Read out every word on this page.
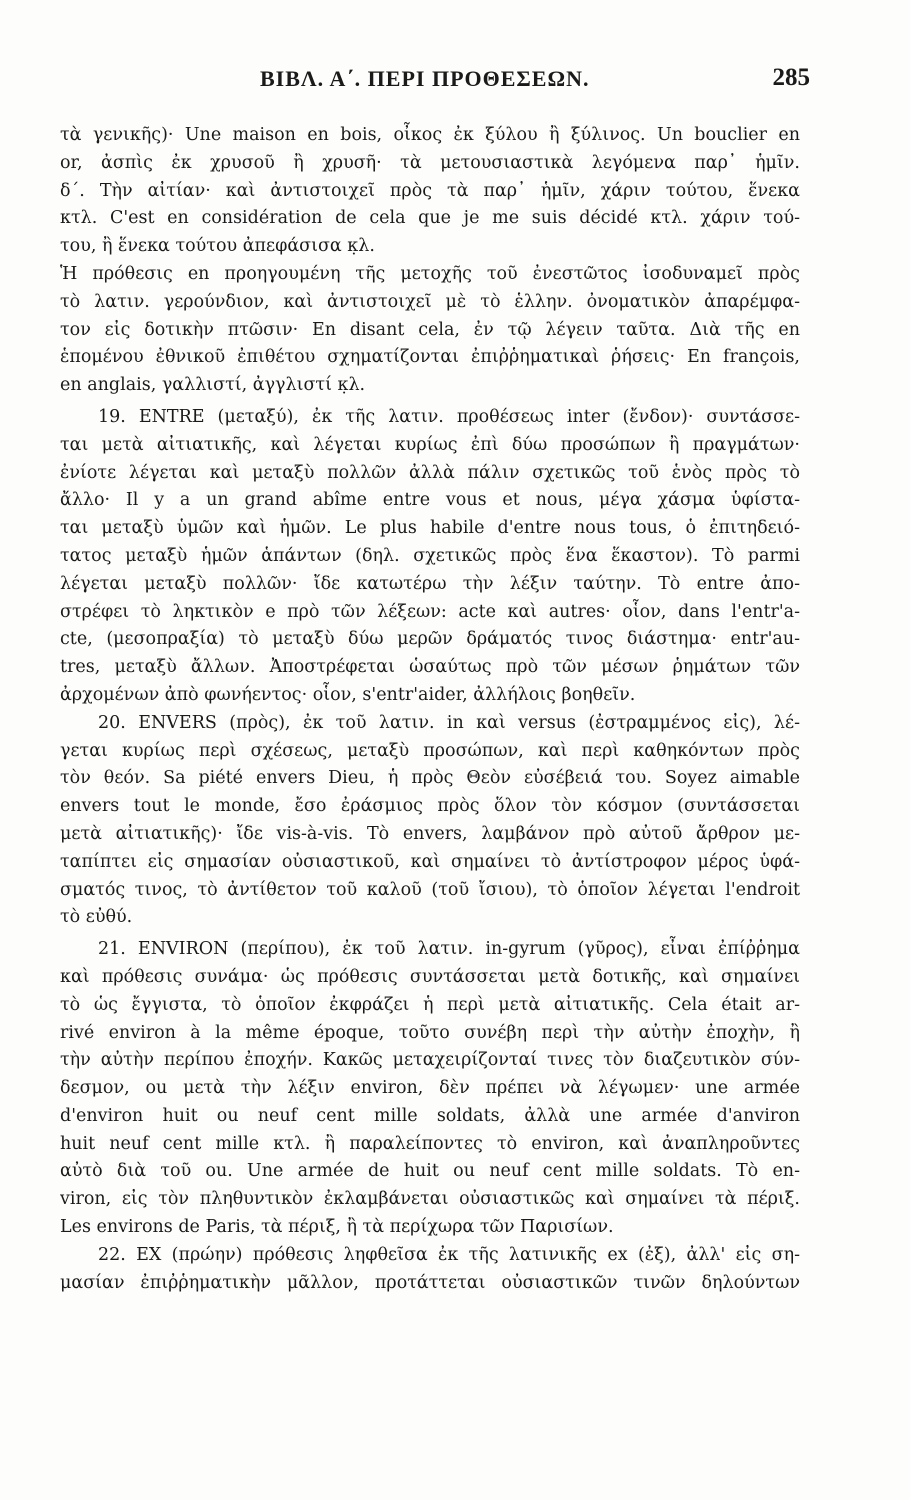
ΒΙΒΛ. Α΄. ΠΕΡΙ ΠΡΟΘΕΣΕΩΝ.	285
τὰ γενικῆς)· Une maison en bois, οἶκος ἐκ ξύλου ἢ ξύλινος. Un bouclier en
or, ἀσπὶς ἐκ χρυσοῦ ἢ χρυσῆ· τὰ μετουσιαστικὰ λεγόμενα παρ᾿ ἡμῖν.
δ΄. Τὴν αἰτίαν· καὶ ἀντιστοιχεῖ πρὸς τὰ παρ᾿ ἡμῖν, χάριν τούτου, ἕνεκα
κτλ. C'est en considération de cela que je me suis décidé κτλ. χάριν τού-
του, ἢ ἕνεκα τούτου ἀπεφάσισα κ̣λ.
Ἡ πρόθεσις en προηγουμένη τῆς μετοχῆς τοῦ ἐνεστῶτος ἰσοδυναμεῖ πρὸς
τὸ λατιν. γερούνδιον, καὶ ἀντιστοιχεῖ μὲ τὸ ἑλλην. ὀνοματικὸν ἀπαρέμφα-
τον εἰς δοτικὴν πτῶσιν· En disant cela, ἐν τῷ λέγειν ταῦτα. Διὰ τῆς en
ἑπομένου ἐθνικοῦ ἐπιθέτου σχηματίζονται ἐπιῤῥηματικαὶ ῥήσεις· En françois,
en anglais, γαλλιστί, ἀγγλιστί κ̣λ.
19. ENTRE (μεταξύ), ἐκ τῆς λατιν. προθέσεως inter (ἔνδον)· συντάσσε-
ται μετὰ αἰτιατικῆς, καὶ λέγεται κυρίως ἐπὶ δύω προσώπων ἢ πραγμάτων·
ἐνίοτε λέγεται καὶ μεταξὺ πολλῶν ἀλλὰ πάλιν σχετικῶς τοῦ ἑνὸς πρὸς τὸ
ἄλλο· Il y a un grand abîme entre vous et nous, μέγα χάσμα ὑφίστα-
ται μεταξὺ ὑμῶν καὶ ἡμῶν. Le plus habile d'entre nous tous, ὁ ἐπιτηδειό-
τατος μεταξὺ ἡμῶν ἁπάντων (δηλ. σχετικῶς πρὸς ἕνα ἕκαστον). Τὸ parmi
λέγεται μεταξὺ πολλῶν· ἴδε κατωτέρω τὴν λέξιν ταύτην. Τὸ entre ἀπο-
στρέφει τὸ ληκτικὸν e πρὸ τῶν λέξεων: acte καὶ autres· οἷον, dans l'entr'a-
cte, (μεσοπραξία) τὸ μεταξὺ δύω μερῶν δράματός τινος διάστημα· entr'au-
tres, μεταξὺ ἄλλων. Ἀποστρέφεται ὡσαύτως πρὸ τῶν μέσων ῥημάτων τῶν
ἀρχομένων ἀπὸ φωνήεντος· οἷον, s'entr'aider, ἀλλήλοις βοηθεῖν.
20. ENVERS (πρὸς), ἐκ τοῦ λατιν. in καὶ versus (ἐστραμμένος εἰς), λέ-
γεται κυρίως περὶ σχέσεως, μεταξὺ προσώπων, καὶ περὶ καθηκόντων πρὸς
τὸν θεόν. Sa piété envers Dieu, ἡ πρὸς Θεὸν εὐσέβειά του. Soyez aimable
envers tout le monde, ἔσο ἐράσμιος πρὸς ὅλον τὸν κόσμον (συντάσσεται
μετὰ αἰτιατικῆς)· ἴδε vis-à-vis. Τὸ envers, λαμβάνον πρὸ αὐτοῦ ἄρθρον με-
ταπίπτει εἰς σημασίαν οὐσιαστικοῦ, καὶ σημαίνει τὸ ἀντίστροφον μέρος ὑφά-
σματός τινος, τὸ ἀντίθετον τοῦ καλοῦ (τοῦ ἴσιου), τὸ ὁποῖον λέγεται l'endroit
τὸ εὐθύ.
21. ENVIRON (περίπου), ἐκ τοῦ λατιν. in-gyrum (γῦρος), εἶναι ἐπίῤῥημα
καὶ πρόθεσις συνάμα· ὡς πρόθεσις συντάσσεται μετὰ δοτικῆς, καὶ σημαίνει
τὸ ὡς ἔγγιστα, τὸ ὁποῖον ἐκφράζει ἡ περὶ μετὰ αἰτιατικῆς. Cela était ar-
rivé environ à la même époque, τοῦτο συνέβη περὶ τὴν αὐτὴν ἐποχὴν, ἢ
τὴν αὐτὴν περίπου ἐποχήν. Κακῶς μεταχειρίζονταί τινες τὸν διαζευτικὸν σύν-
δεσμον, ou μετὰ τὴν λέξιν environ, δὲν πρέπει νὰ λέγωμεν· une armée
d'environ huit ou neuf cent mille soldats, ἀλλὰ une armée d'anviron
huit neuf cent mille κτλ. ἢ παραλείποντες τὸ environ, καὶ ἀναπληροῦντες
αὐτὸ διὰ τοῦ ou. Une armée de huit ou neuf cent mille soldats. Τὸ en-
viron, εἰς τὸν πληθυντικὸν ἐκλαμβάνεται οὐσιαστικῶς καὶ σημαίνει τὰ πέριξ.
Les environs de Paris, τὰ πέριξ, ἢ τὰ περίχωρα τῶν Παρισίων.
22. EX (πρώην) πρόθεσις ληφθεῖσα ἐκ τῆς λατινικῆς ex (ἐξ), ἀλλ' εἰς ση-
μασίαν ἐπιῤῥηματικὴν μᾶλλον, προτάττεται οὐσιαστικῶν τινῶν δηλούντων
